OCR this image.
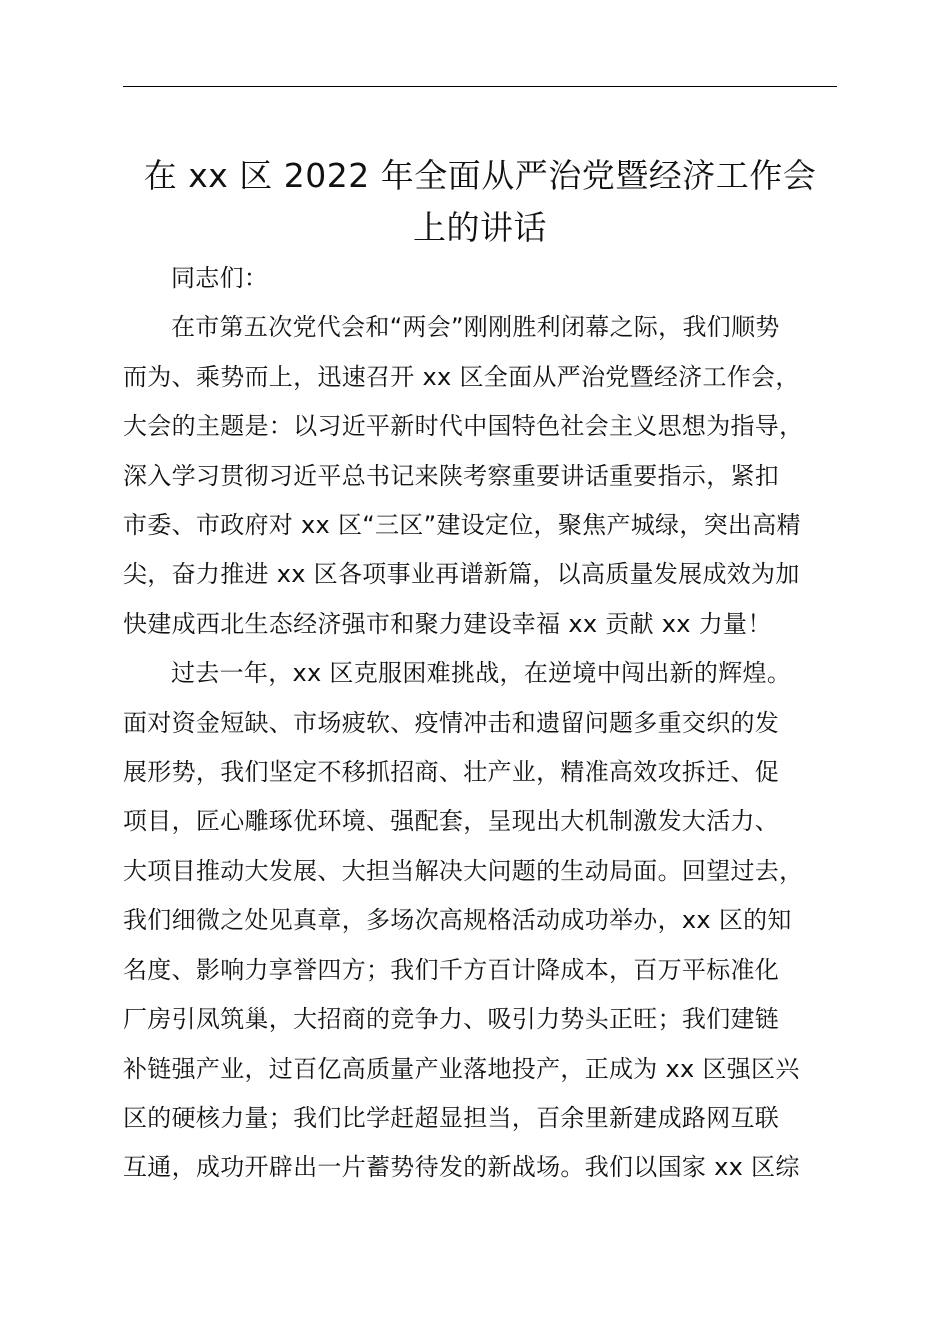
在 xx 区 2022 年全面从严治党暨经济工作会
上的讲话
同志们：
在市第五次党代会和“两会”刚刚胜利闭幕之际，我们顺势
而为、乘势而上，迅速召开 xx 区全面从严治党暨经济工作会，
大会的主题是：以习近平新时代中国特色社会主义思想为指导，
深入学习贯彻习近平总书记来陕考察重要讲话重要指示，紧扣
市委、市政府对 xx 区“三区”建设定位，聚焦产城绿，突出高精
尖，奋力推进 xx 区各项事业再谱新篇，以高质量发展成效为加
快建成西北生态经济强市和聚力建设幸福 xx 贡献 xx 力量！
过去一年，xx 区克服困难挑战，在逆境中闯出新的辉煌。
面对资金短缺、市场疲软、疫情冲击和遗留问题多重交织的发
展形势，我们坚定不移抓招商、壮产业，精准高效攻拆迁、促
项目，匠心雕琢优环境、强配套，呈现出大机制激发大活力、
大项目推动大发展、大担当解决大问题的生动局面。回望过去，
我们细微之处见真章，多场次高规格活动成功举办，xx 区的知
名度、影响力享誉四方；我们千方百计降成本，百万平标准化
厂房引凤筑巢，大招商的竞争力、吸引力势头正旺；我们建链
补链强产业，过百亿高质量产业落地投产，正成为 xx 区强区兴
区的硬核力量；我们比学赶超显担当，百余里新建成路网互联
互通，成功开辟出一片蓄势待发的新战场。我们以国家 xx 区综
